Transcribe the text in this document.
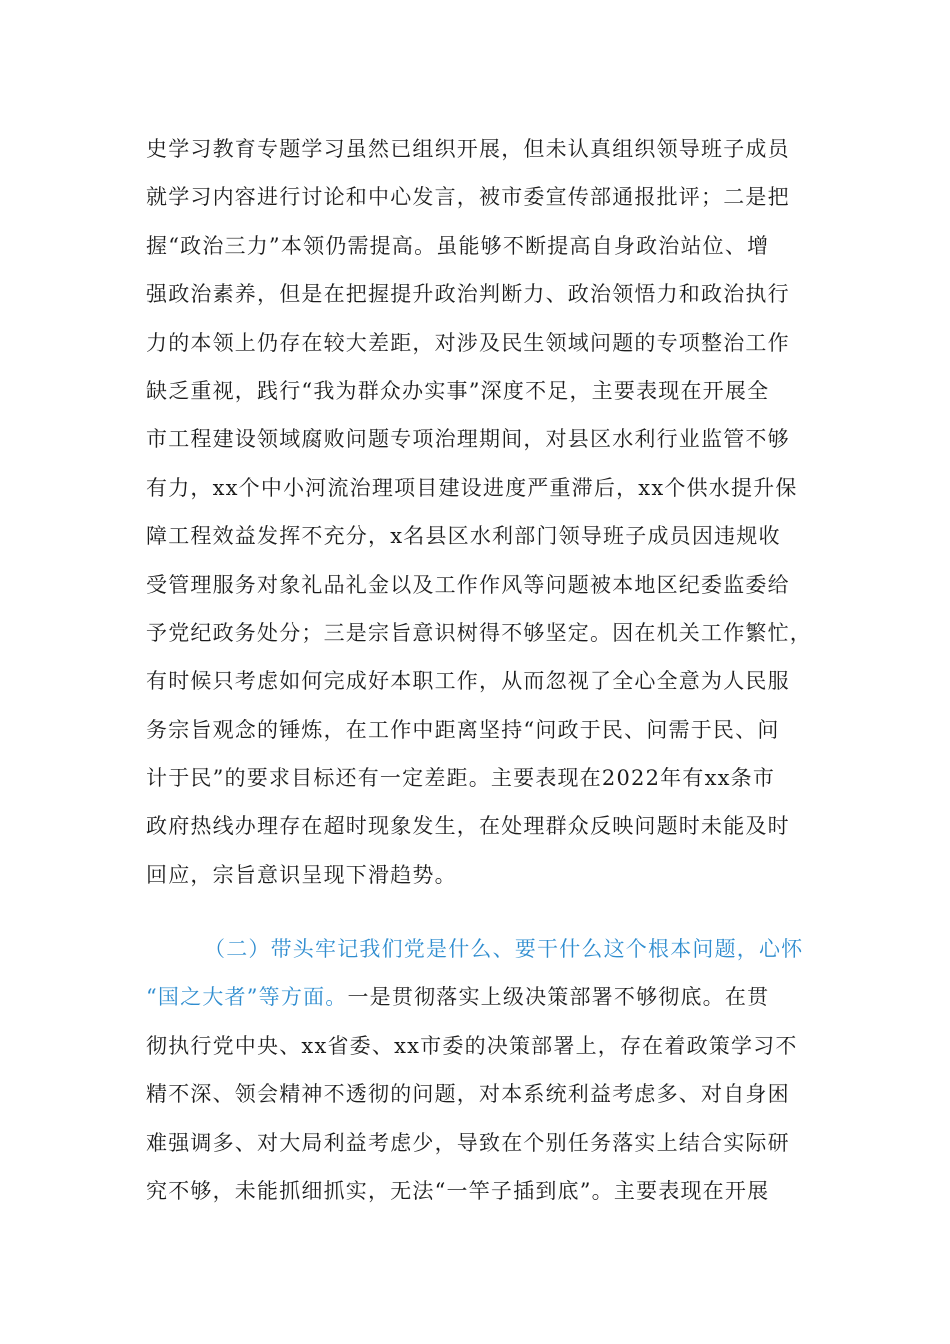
史学习教育专题学习虽然已组织开展，但未认真组织领导班子成员
就学习内容进行讨论和中心发言，被市委宣传部通报批评；二是把
握“政治三力”本领仍需提高。虽能够不断提高自身政治站位、增
强政治素养，但是在把握提升政治判断力、政治领悟力和政治执行
力的本领上仍存在较大差距，对涉及民生领域问题的专项整治工作
缺乏重视，践行“我为群众办实事”深度不足，主要表现在开展全
市工程建设领域腐败问题专项治理期间，对县区水利行业监管不够
有力，xx个中小河流治理项目建设进度严重滞后，xx个供水提升保
障工程效益发挥不充分，x名县区水利部门领导班子成员因违规收
受管理服务对象礼品礼金以及工作作风等问题被本地区纪委监委给
予党纪政务处分；三是宗旨意识树得不够坚定。因在机关工作繁忙，
有时候只考虑如何完成好本职工作，从而忽视了全心全意为人民服
务宗旨观念的锤炼，在工作中距离坚持“问政于民、问需于民、问
计于民”的要求目标还有一定差距。主要表现在2022年有xx条市
政府热线办理存在超时现象发生，在处理群众反映问题时未能及时
回应，宗旨意识呈现下滑趋势。
（二）带头牢记我们党是什么、要干什么这个根本问题，心怀
“国之大者”等方面。一是贯彻落实上级决策部署不够彻底。在贯
彻执行党中央、xx省委、xx市委的决策部署上，存在着政策学习不
精不深、领会精神不透彻的问题，对本系统利益考虑多、对自身困
难强调多、对大局利益考虑少，导致在个别任务落实上结合实际研
究不够，未能抓细抓实，无法“一竿子插到底”。主要表现在开展
